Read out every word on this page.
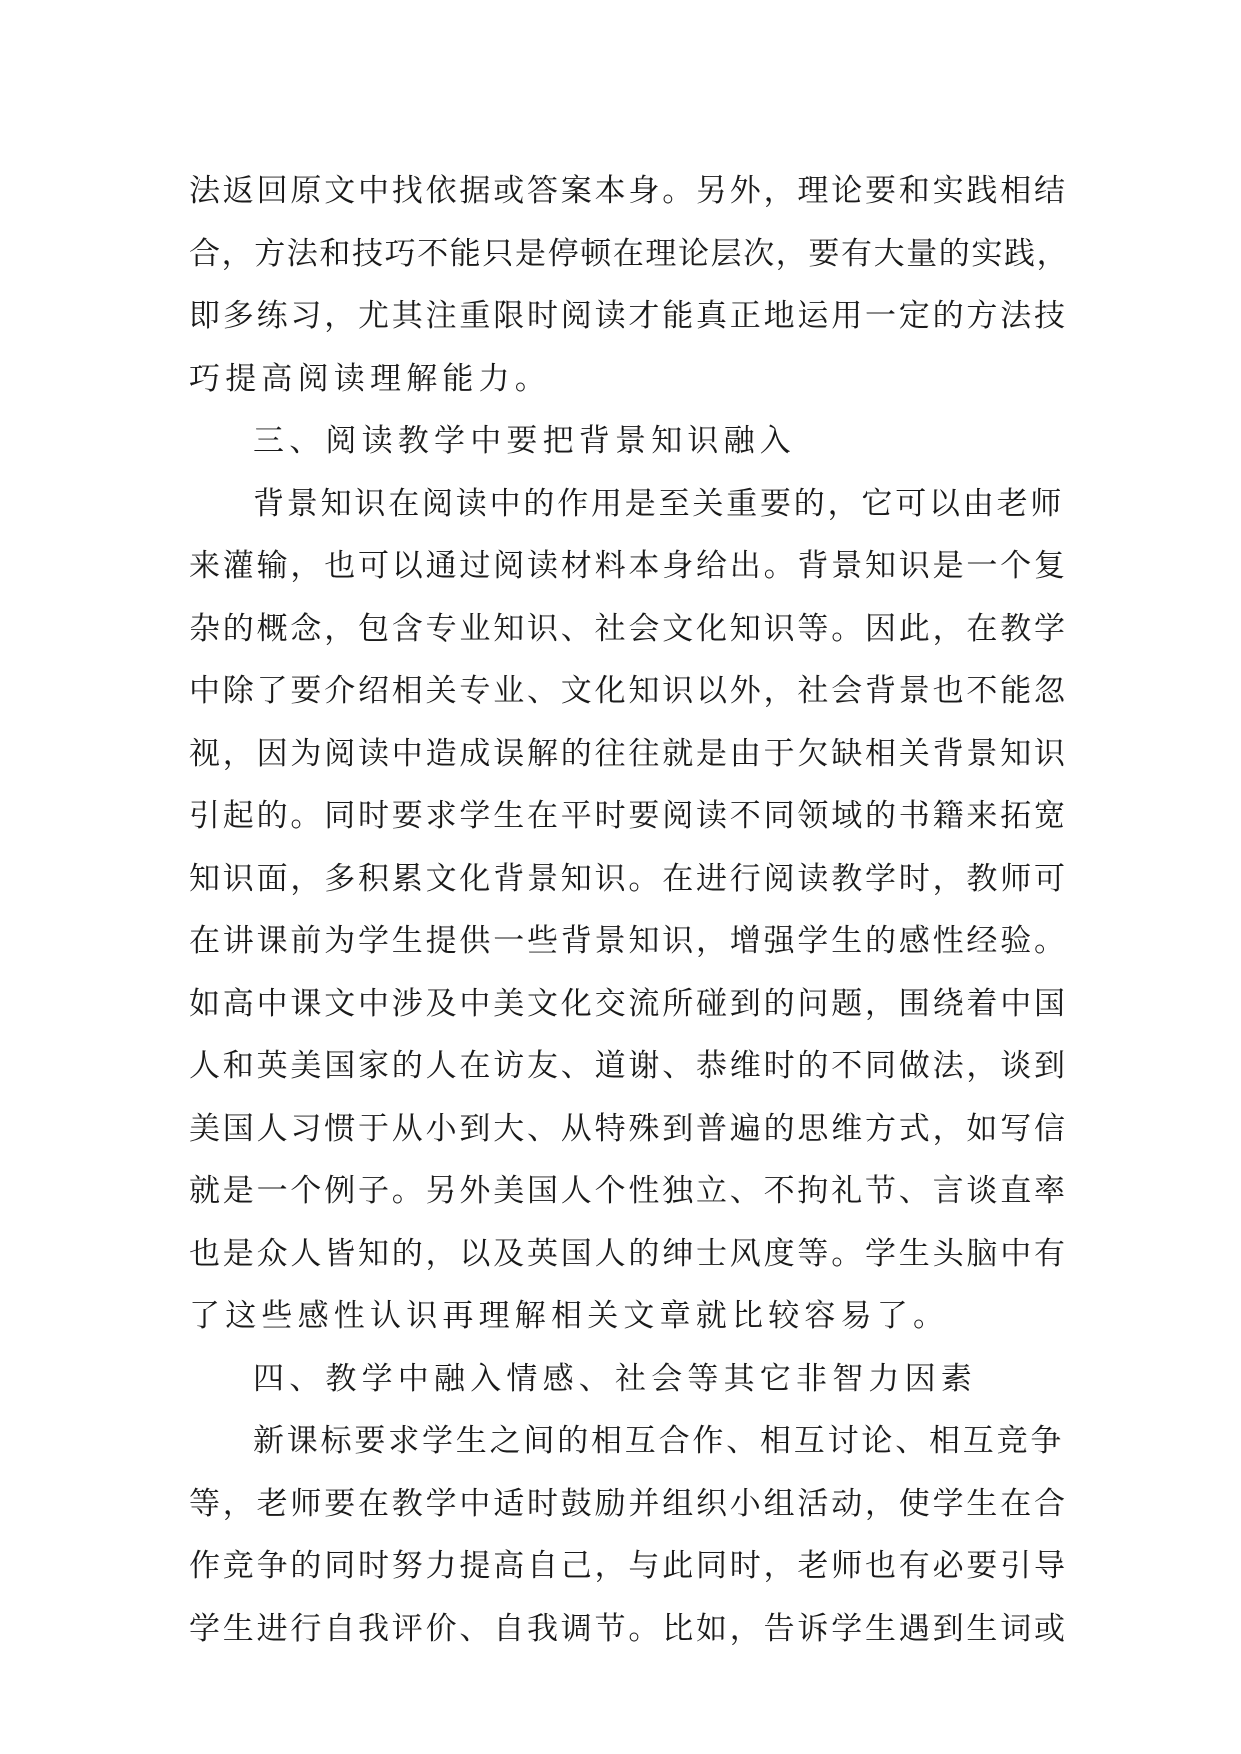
法返回原文中找依据或答案本身。另外，理论要和实践相结
合，方法和技巧不能只是停顿在理论层次，要有大量的实践，
即多练习，尤其注重限时阅读才能真正地运用一定的方法技
巧提高阅读理解能力。
三、阅读教学中要把背景知识融入
背景知识在阅读中的作用是至关重要的，它可以由老师
来灌输，也可以通过阅读材料本身给出。背景知识是一个复
杂的概念，包含专业知识、社会文化知识等。因此，在教学
中除了要介绍相关专业、文化知识以外，社会背景也不能忽
视，因为阅读中造成误解的往往就是由于欠缺相关背景知识
引起的。同时要求学生在平时要阅读不同领域的书籍来拓宽
知识面，多积累文化背景知识。在进行阅读教学时，教师可
在讲课前为学生提供一些背景知识，增强学生的感性经验。
如高中课文中涉及中美文化交流所碰到的问题，围绕着中国
人和英美国家的人在访友、道谢、恭维时的不同做法，谈到
美国人习惯于从小到大、从特殊到普遍的思维方式，如写信
就是一个例子。另外美国人个性独立、不拘礼节、言谈直率
也是众人皆知的，以及英国人的绅士风度等。学生头脑中有
了这些感性认识再理解相关文章就比较容易了。
四、教学中融入情感、社会等其它非智力因素
新课标要求学生之间的相互合作、相互讨论、相互竞争
等，老师要在教学中适时鼓励并组织小组活动，使学生在合
作竞争的同时努力提高自己，与此同时，老师也有必要引导
学生进行自我评价、自我调节。比如，告诉学生遇到生词或
